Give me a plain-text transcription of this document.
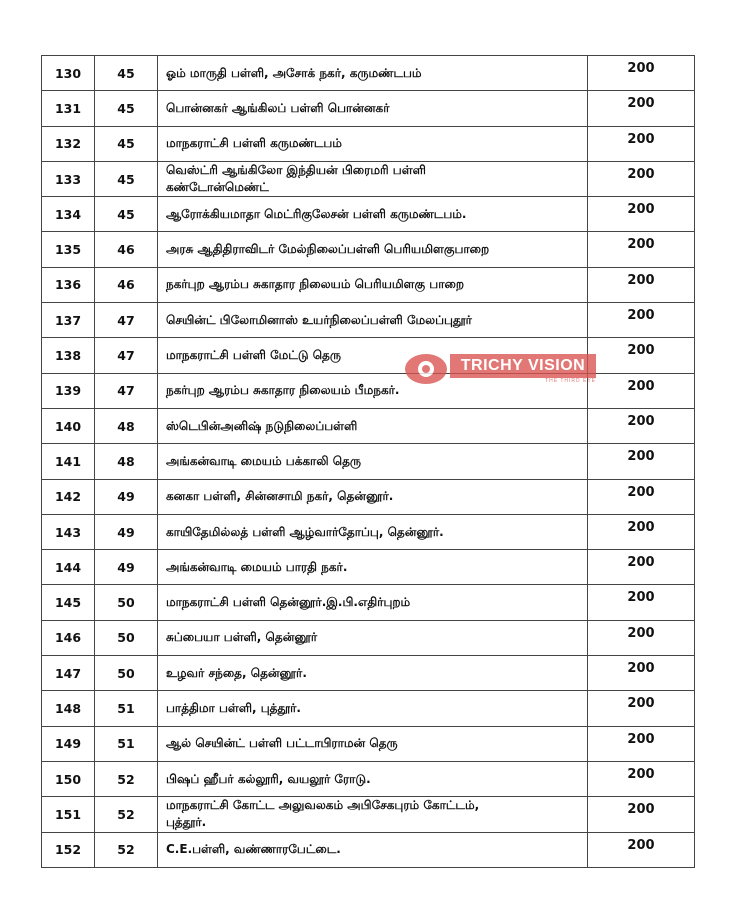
130	45	ஓம் மாருதி பள்ளி, அசோக் நகர், கருமண்டபம்	200
131	45	பொன்னகர் ஆங்கிலப் பள்ளி பொன்னகர்	200
132	45	மாநகராட்சி பள்ளி கருமண்டபம்	200
133	45	வெஸ்ட்ரி ஆங்கிலோ இந்தியன் பிரைமரி பள்ளி
கண்டோன்மெண்ட்	200
134	45	ஆரோக்கியமாதா மெட்ரிகுலேசன் பள்ளி கருமண்டபம்.	200
135	46	அரசு ஆதிதிராவிடர் மேல்நிலைப்பள்ளி பெரியமிளகுபாறை	200
136	46	நகர்புற ஆரம்ப சுகாதார நிலையம் பெரியமிளகு பாறை	200
137	47	செயின்ட் பிலோமினாஸ் உயர்நிலைப்பள்ளி மேலப்புதூர்	200
138	47	மாநகராட்சி பள்ளி மேட்டு தெரு	200
139	47	நகர்புற ஆரம்ப சுகாதார நிலையம் பீமநகர்.	200
140	48	ஸ்டெபின்அனிஷ் நடுநிலைப்பள்ளி	200
141	48	அங்கன்வாடி மையம் பக்காலி தெரு	200
142	49	கனகா பள்ளி, சின்னசாமி நகர், தென்னூர்.	200
143	49	காயிதேமில்லத் பள்ளி ஆழ்வார்தோப்பு, தென்னூர்.	200
144	49	அங்கன்வாடி மையம் பாரதி நகர்.	200
145	50	மாநகராட்சி பள்ளி தென்னூர்.இ.பி.எதிர்புறம்	200
146	50	சுப்பையா பள்ளி, தென்னூர்	200
147	50	உழவர் சந்தை, தென்னூர்.	200
148	51	பாத்திமா பள்ளி, புத்தூர்.	200
149	51	ஆல் செயின்ட் பள்ளி பட்டாபிராமன் தெரு	200
150	52	பிஷப் ஹீபர் கல்லூரி, வயலூர் ரோடு.	200
151	52	மாநகராட்சி கோட்ட அலுவலகம் அபிசேகபுரம் கோட்டம்,
புத்தூர்.	200
152	52	C.E.பள்ளி, வண்ணாரபேட்டை.	200
TRICHY VISION
THE THIRD EYE
